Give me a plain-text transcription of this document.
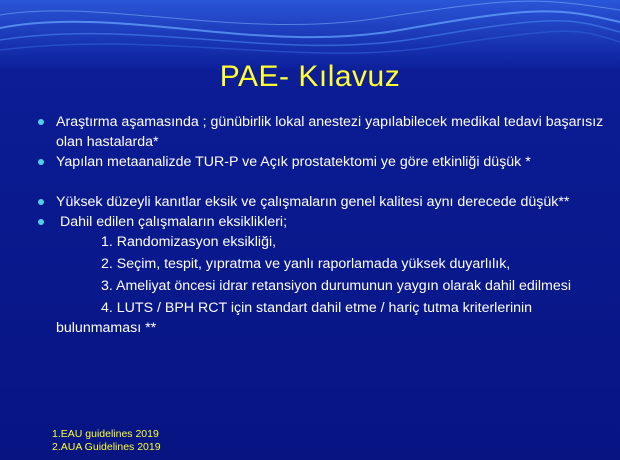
PAE- Kılavuz
Araştırma aşamasında ; günübirlik lokal anestezi yapılabilecek medikal tedavi başarısız olan hastalarda*
Yapılan metaanalizde TUR-P ve Açık prostatektomi ye göre etkinliği düşük *
Yüksek düzeyli kanıtlar eksik ve çalışmaların genel kalitesi aynı derecede düşük**
Dahil edilen çalışmaların eksiklikleri;
1. Randomizasyon eksikliği,
2. Seçim, tespit, yıpratma ve yanlı raporlamada yüksek duyarlılık,
3. Ameliyat öncesi idrar retansiyon durumunun yaygın olarak dahil edilmesi
4. LUTS / BPH RCT için standart dahil etme / hariç tutma kriterlerinin bulunmaması **
1.EAU guidelines 2019
2.AUA Guidelines 2019
